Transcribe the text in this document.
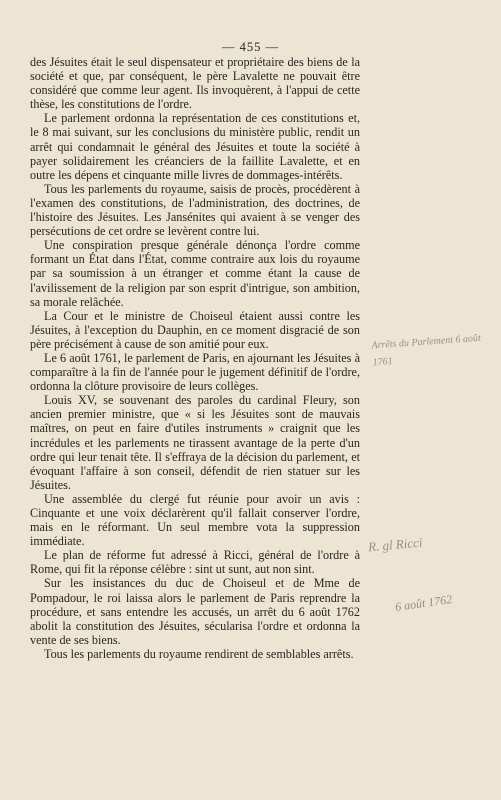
— 455 —

des Jésuites était le seul dispensateur et propriétaire des biens de la société et que, par conséquent, le père Lavalette ne pouvait être considéré que comme leur agent. Ils invoquèrent, à l'appui de cette thèse, les constitutions de l'ordre.

Le parlement ordonna la représentation de ces constitutions et, le 8 mai suivant, sur les conclusions du ministère public, rendit un arrêt qui condamnait le général des Jésuites et toute la société à payer solidairement les créanciers de la faillite Lavalette, et en outre les dépens et cinquante mille livres de dommages-intérêts.

Tous les parlements du royaume, saisis de procès, procédèrent à l'examen des constitutions, de l'administration, des doctrines, de l'histoire des Jésuites. Les Jansénites qui avaient à se venger des persécutions de cet ordre se levèrent contre lui.

Une conspiration presque générale dénonça l'ordre comme formant un État dans l'État, comme contraire aux lois du royaume par sa soumission à un étranger et comme étant la cause de l'avilissement de la religion par son esprit d'intrigue, son ambition, sa morale relâchée.

La Cour et le ministre de Choiseul étaient aussi contre les Jésuites, à l'exception du Dauphin, en ce moment disgracié de son père précisément à cause de son amitié pour eux.

Le 6 août 1761, le parlement de Paris, en ajournant les Jésuites à comparaître à la fin de l'année pour le jugement définitif de l'ordre, ordonna la clôture provisoire de leurs collèges.

Louis XV, se souvenant des paroles du cardinal Fleury, son ancien premier ministre, que « si les Jésuites sont de mauvais maîtres, on peut en faire d'utiles instruments » craignit que les incrédules et les parlements ne tirassent avantage de la perte d'un ordre qui leur tenait tête. Il s'effraya de la décision du parlement, et évoquant l'affaire à son conseil, défendit de rien statuer sur les Jésuites.

Une assemblée du clergé fut réunie pour avoir un avis : Cinquante et une voix déclarèrent qu'il fallait conserver l'ordre, mais en le réformant. Un seul membre vota la suppression immédiate.

Le plan de réforme fut adressé à Ricci, général de l'ordre à Rome, qui fit la réponse célèbre : sint ut sunt, aut non sint.

Sur les insistances du duc de Choiseul et de Mme de Pompadour, le roi laissa alors le parlement de Paris reprendre la procédure, et sans entendre les accusés, un arrêt du 6 août 1762 abolit la constitution des Jésuites, sécularisa l'ordre et ordonna la vente de ses biens.

Tous les parlements du royaume rendirent de semblables arrêts.

Arrêts du Parlement 6 août 1761
R. gl Ricci
6 août 1762
